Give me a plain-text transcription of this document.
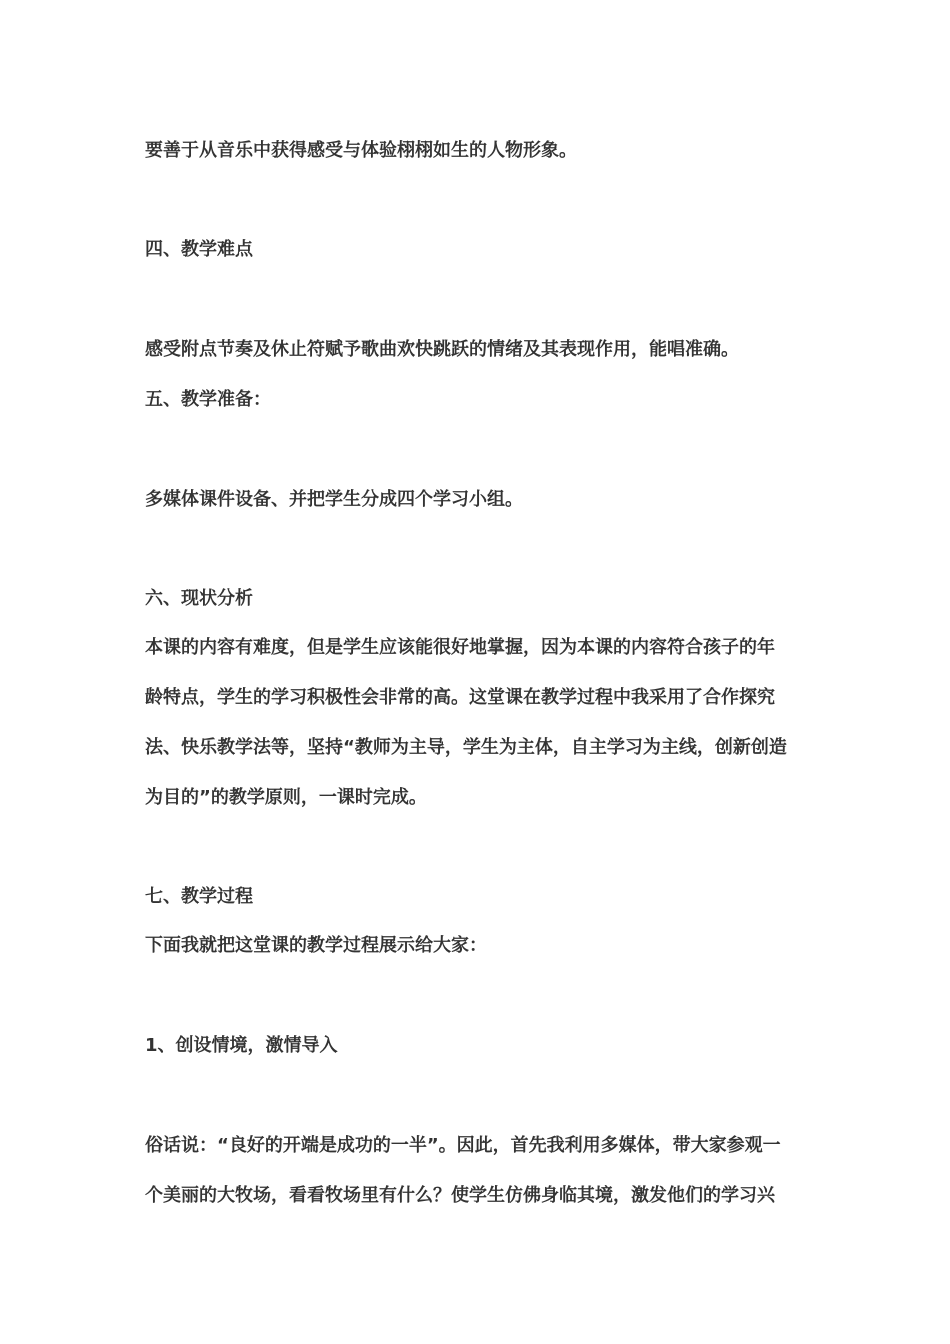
要善于从音乐中获得感受与体验栩栩如生的人物形象。
四、教学难点
感受附点节奏及休止符赋予歌曲欢快跳跃的情绪及其表现作用，能唱准确。
五、教学准备：
多媒体课件设备、并把学生分成四个学习小组。
六、现状分析
本课的内容有难度，但是学生应该能很好地掌握，因为本课的内容符合孩子的年
龄特点，学生的学习积极性会非常的高。这堂课在教学过程中我采用了合作探究
法、快乐教学法等，坚持“教师为主导，学生为主体，自主学习为主线，创新创造
为目的”的教学原则，一课时完成。
七、教学过程
下面我就把这堂课的教学过程展示给大家：
1、创设情境，激情导入
俗话说：“良好的开端是成功的一半”。因此，首先我利用多媒体，带大家参观一
个美丽的大牧场，看看牧场里有什么？使学生仿佛身临其境，激发他们的学习兴
